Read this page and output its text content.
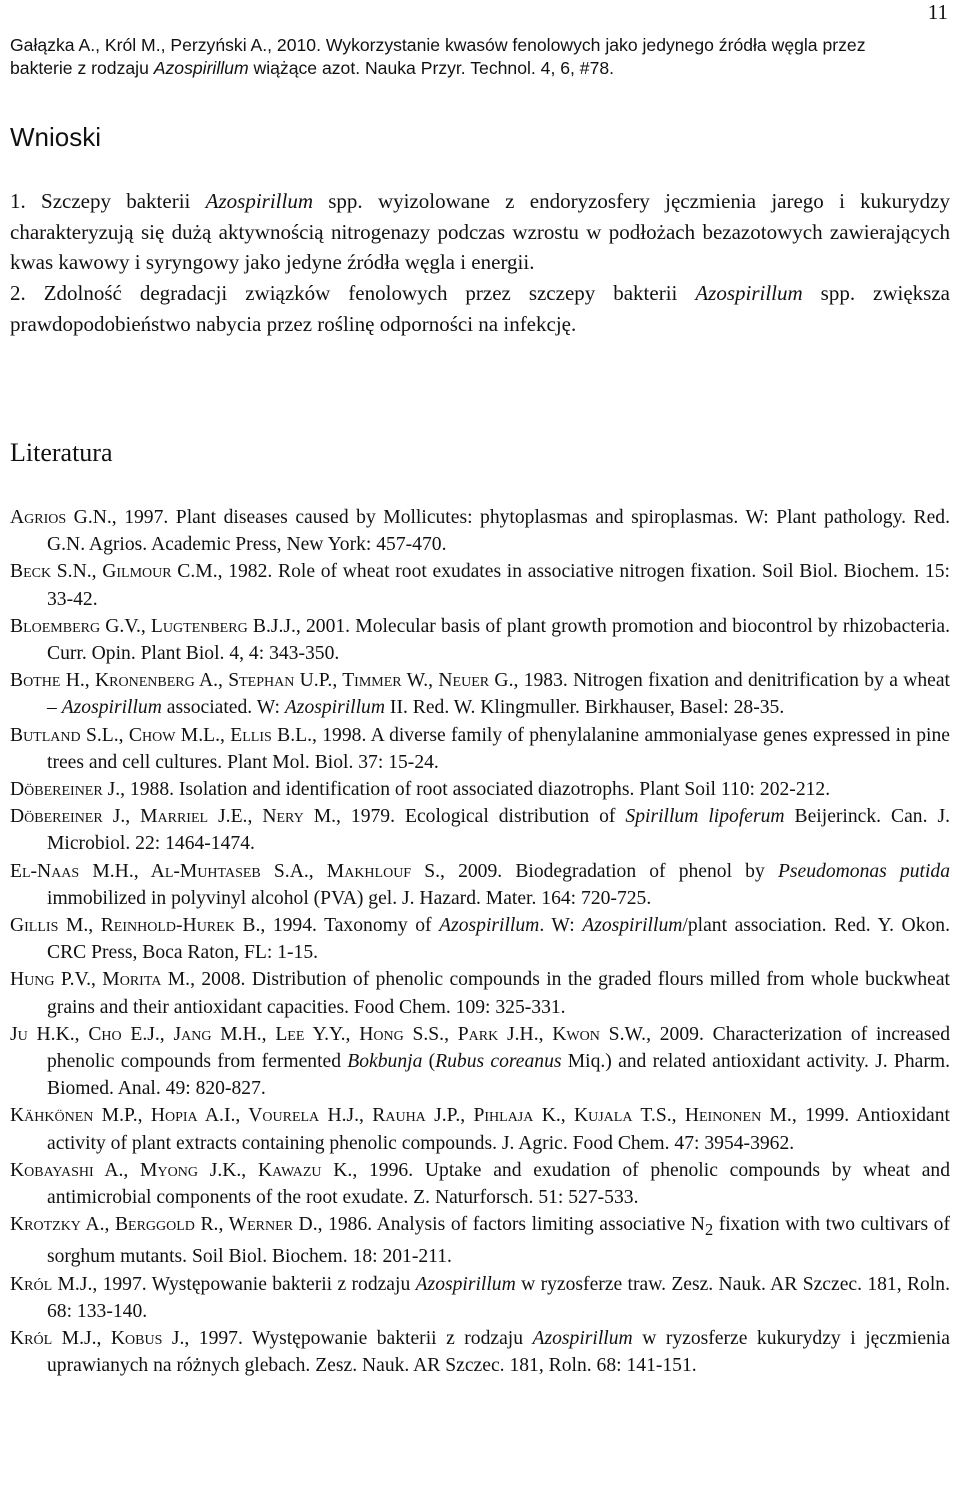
11
Gałązka A., Król M., Perzyński A., 2010. Wykorzystanie kwasów fenolowych jako jedynego źródła węgla przez
bakterie z rodzaju Azospirillum wiążące azot. Nauka Przyr. Technol. 4, 6, #78.
Wnioski

1. Szczepy bakterii Azospirillum spp. wyizolowane z endoryzosfery jęczmienia jarego i kukurydzy charakteryzują się dużą aktywnością nitrogenazy podczas wzrostu w podłożach bezazotowych zawierających kwas kawowy i syryngowy jako jedyne źródła węgla i energii.

2. Zdolność degradacji związków fenolowych przez szczepy bakterii Azospirillum spp. zwiększa prawdopodobieństwo nabycia przez roślinę odporności na infekcję.

Literatura

Agrios G.N., 1997. Plant diseases caused by Mollicutes: phytoplasmas and spiroplasmas. W: Plant pathology. Red. G.N. Agrios. Academic Press, New York: 457-470.

Beck S.N., Gilmour C.M., 1982. Role of wheat root exudates in associative nitrogen fixation. Soil Biol. Biochem. 15: 33-42.

Bloemberg G.V., Lugtenberg B.J.J., 2001. Molecular basis of plant growth promotion and biocontrol by rhizobacteria. Curr. Opin. Plant Biol. 4, 4: 343-350.

Bothe H., Kronenberg A., Stephan U.P., Timmer W., Neuer G., 1983. Nitrogen fixation and denitrification by a wheat – Azospirillum associated. W: Azospirillum II. Red. W. Klingmuller. Birkhauser, Basel: 28-35.

Butland S.L., Chow M.L., Ellis B.L., 1998. A diverse family of phenylalanine ammonialyase genes expressed in pine trees and cell cultures. Plant Mol. Biol. 37: 15-24.

Döbereiner J., 1988. Isolation and identification of root associated diazotrophs. Plant Soil 110: 202-212.

Döbereiner J., Marriel J.E., Nery M., 1979. Ecological distribution of Spirillum lipoferum Beijerinck. Can. J. Microbiol. 22: 1464-1474.

El-Naas M.H., Al-Muhtaseb S.A., Makhlouf S., 2009. Biodegradation of phenol by Pseudomonas putida immobilized in polyvinyl alcohol (PVA) gel. J. Hazard. Mater. 164: 720-725.

Gillis M., Reinhold-Hurek B., 1994. Taxonomy of Azospirillum. W: Azospirillum/plant association. Red. Y. Okon. CRC Press, Boca Raton, FL: 1-15.

Hung P.V., Morita M., 2008. Distribution of phenolic compounds in the graded flours milled from whole buckwheat grains and their antioxidant capacities. Food Chem. 109: 325-331.

Ju H.K., Cho E.J., Jang M.H., Lee Y.Y., Hong S.S., Park J.H., Kwon S.W., 2009. Characterization of increased phenolic compounds from fermented Bokbunja (Rubus coreanus Miq.) and related antioxidant activity. J. Pharm. Biomed. Anal. 49: 820-827.

Kähkönen M.P., Hopia A.I., Vourela H.J., Rauha J.P., Pihlaja K., Kujala T.S., Heinonen M., 1999. Antioxidant activity of plant extracts containing phenolic compounds. J. Agric. Food Chem. 47: 3954-3962.

Kobayashi A., Myong J.K., Kawazu K., 1996. Uptake and exudation of phenolic compounds by wheat and antimicrobial components of the root exudate. Z. Naturforsch. 51: 527-533.

Krotzky A., Berggold R., Werner D., 1986. Analysis of factors limiting associative $N_2$ fixation with two cultivars of sorghum mutants. Soil Biol. Biochem. 18: 201-211.

Król M.J., 1997. Występowanie bakterii z rodzaju Azospirillum w ryzosferze traw. Zesz. Nauk. AR Szczec. 181, Roln. 68: 133-140.

Król M.J., Kobus J., 1997. Występowanie bakterii z rodzaju Azospirillum w ryzosferze kukurydzy i jęczmienia uprawianych na różnych glebach. Zesz. Nauk. AR Szczec. 181, Roln. 68: 141-151.
